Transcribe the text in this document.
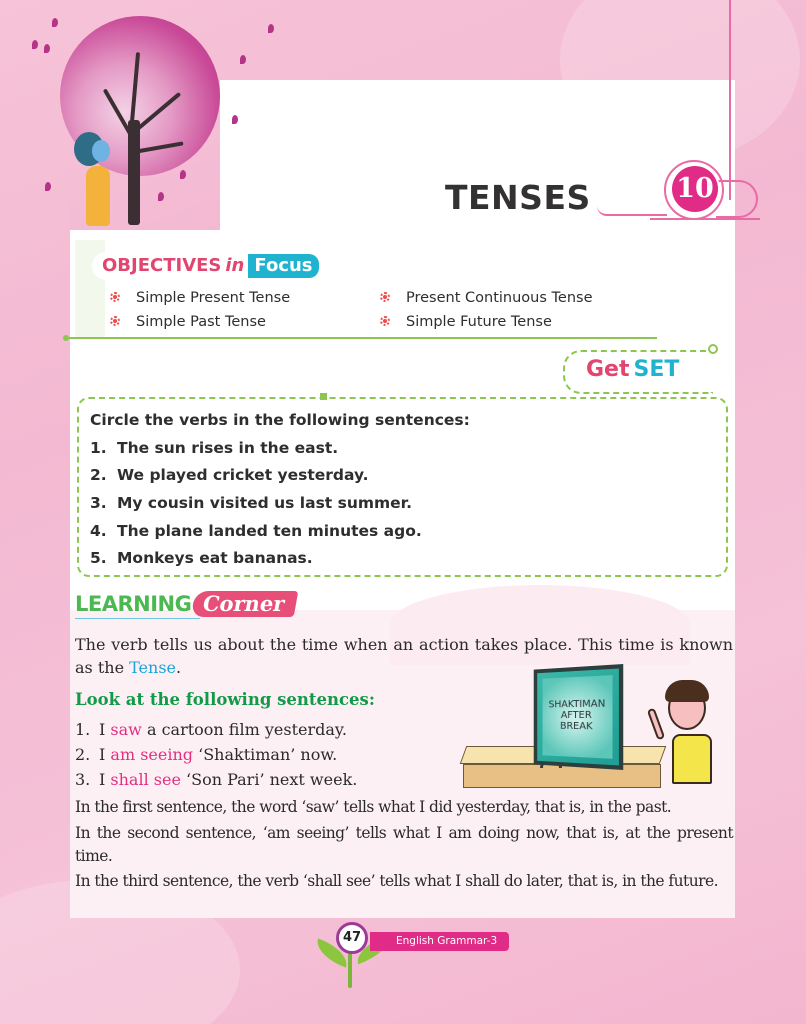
TENSES	10
OBJECTIVES in Focus
Simple Present Tense	Present Continuous Tense
Simple Past Tense	Simple Future Tense
Get SET
Circle the verbs in the following sentences:
1. The sun rises in the east.
2. We played cricket yesterday.
3. My cousin visited us last summer.
4. The plane landed ten minutes ago.
5. Monkeys eat bananas.
LEARNING Corner

The verb tells us about the time when an action takes place. This time is known as the Tense.

Look at the following sentences:
1. I saw a cartoon film yesterday.
2. I am seeing ‘Shaktiman’ now.
3. I shall see ‘Son Pari’ next week.
SHAKTIMAN
AFTER
BREAK

In the first sentence, the word ‘saw’ tells what I did yesterday, that is, in the past.

In the second sentence, ‘am seeing’ tells what I am doing now, that is, at the present time.

In the third sentence, the verb ‘shall see’ tells what I shall do later, that is, in the future.

English Grammar-3
47
